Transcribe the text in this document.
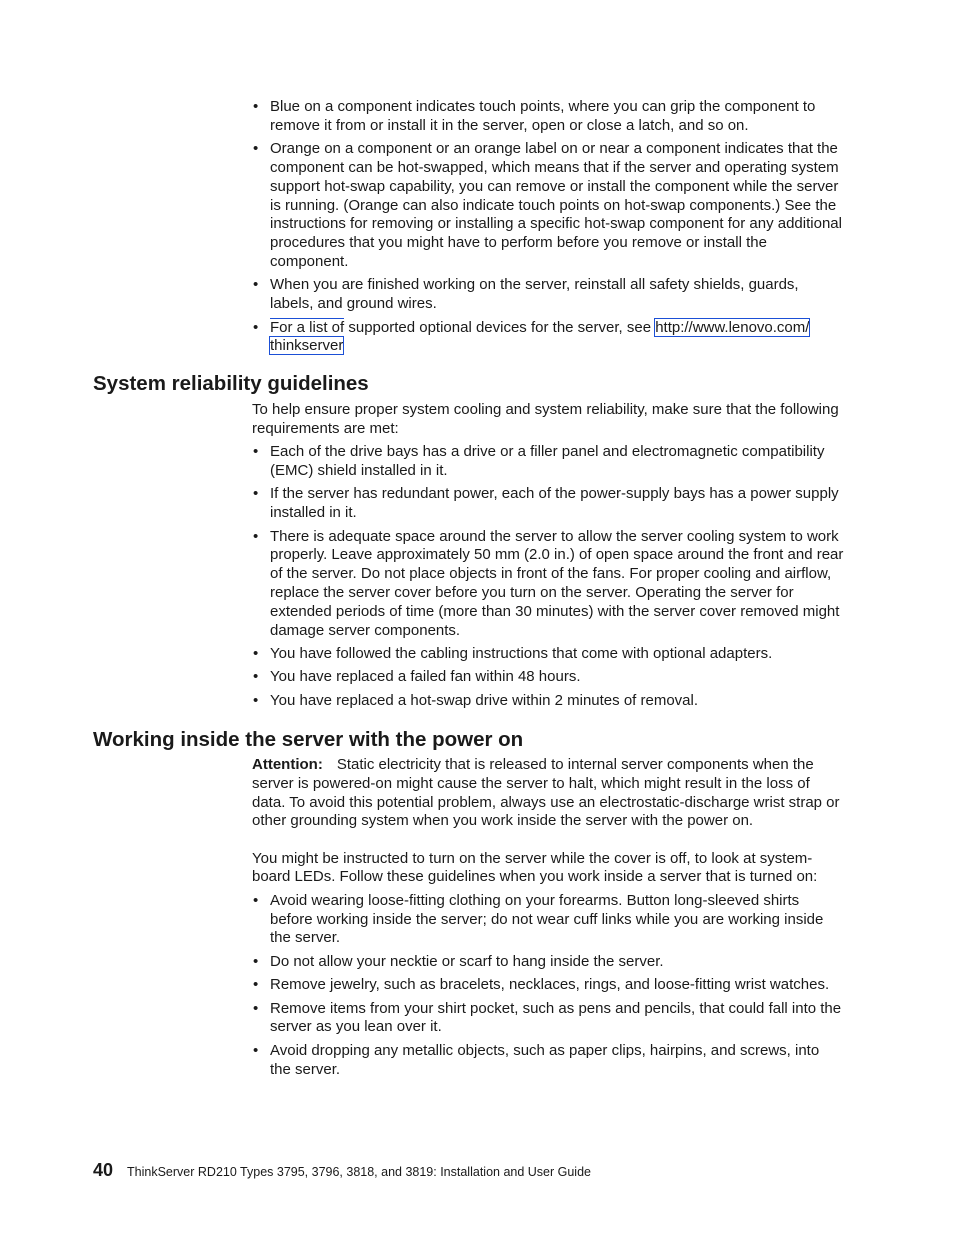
• Blue on a component indicates touch points, where you can grip the component to remove it from or install it in the server, open or close a latch, and so on.
• Orange on a component or an orange label on or near a component indicates that the component can be hot-swapped, which means that if the server and operating system support hot-swap capability, you can remove or install the component while the server is running. (Orange can also indicate touch points on hot-swap components.) See the instructions for removing or installing a specific hot-swap component for any additional procedures that you might have to perform before you remove or install the component.
• When you are finished working on the server, reinstall all safety shields, guards, labels, and ground wires.
• For a list of supported optional devices for the server, see http://www.lenovo.com/
thinkserver
System reliability guidelines

To help ensure proper system cooling and system reliability, make sure that the following requirements are met:

• Each of the drive bays has a drive or a filler panel and electromagnetic compatibility (EMC) shield installed in it.
• If the server has redundant power, each of the power-supply bays has a power supply installed in it.
• There is adequate space around the server to allow the server cooling system to work properly. Leave approximately 50 mm (2.0 in.) of open space around the front and rear of the server. Do not place objects in front of the fans. For proper cooling and airflow, replace the server cover before you turn on the server. Operating the server for extended periods of time (more than 30 minutes) with the server cover removed might damage server components.
• You have followed the cabling instructions that come with optional adapters.
• You have replaced a failed fan within 48 hours.
• You have replaced a hot-swap drive within 2 minutes of removal.
Working inside the server with the power on

Attention: Static electricity that is released to internal server components when the server is powered-on might cause the server to halt, which might result in the loss of data. To avoid this potential problem, always use an electrostatic-discharge wrist strap or other grounding system when you work inside the server with the power on.

You might be instructed to turn on the server while the cover is off, to look at system-board LEDs. Follow these guidelines when you work inside a server that is turned on:

• Avoid wearing loose-fitting clothing on your forearms. Button long-sleeved shirts before working inside the server; do not wear cuff links while you are working inside the server.
• Do not allow your necktie or scarf to hang inside the server.
• Remove jewelry, such as bracelets, necklaces, rings, and loose-fitting wrist watches.
• Remove items from your shirt pocket, such as pens and pencils, that could fall into the server as you lean over it.
• Avoid dropping any metallic objects, such as paper clips, hairpins, and screws, into the server.
40 ThinkServer RD210 Types 3795, 3796, 3818, and 3819: Installation and User Guide
